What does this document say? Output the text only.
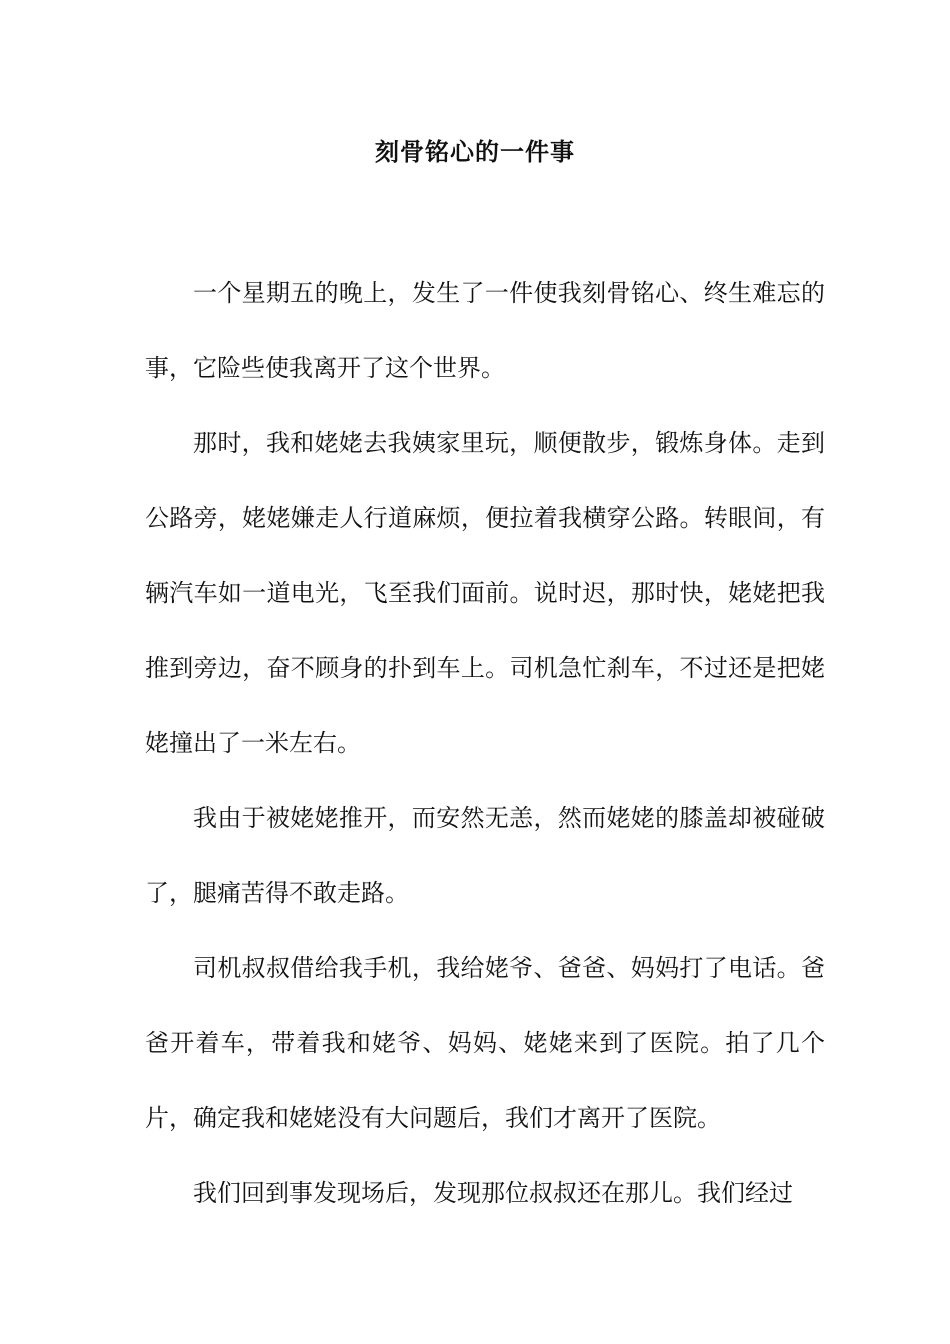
刻骨铭心的一件事

一个星期五的晚上，发生了一件使我刻骨铭心、终生难忘的事，它险些使我离开了这个世界。

那时，我和姥姥去我姨家里玩，顺便散步，锻炼身体。走到公路旁，姥姥嫌走人行道麻烦，便拉着我横穿公路。转眼间，有辆汽车如一道电光，飞至我们面前。说时迟，那时快，姥姥把我推到旁边，奋不顾身的扑到车上。司机急忙刹车，不过还是把姥姥撞出了一米左右。

我由于被姥姥推开，而安然无恙，然而姥姥的膝盖却被碰破了，腿痛苦得不敢走路。

司机叔叔借给我手机，我给姥爷、爸爸、妈妈打了电话。爸爸开着车，带着我和姥爷、妈妈、姥姥来到了医院。拍了几个片，确定我和姥姥没有大问题后，我们才离开了医院。

我们回到事发现场后，发现那位叔叔还在那儿。我们经过
